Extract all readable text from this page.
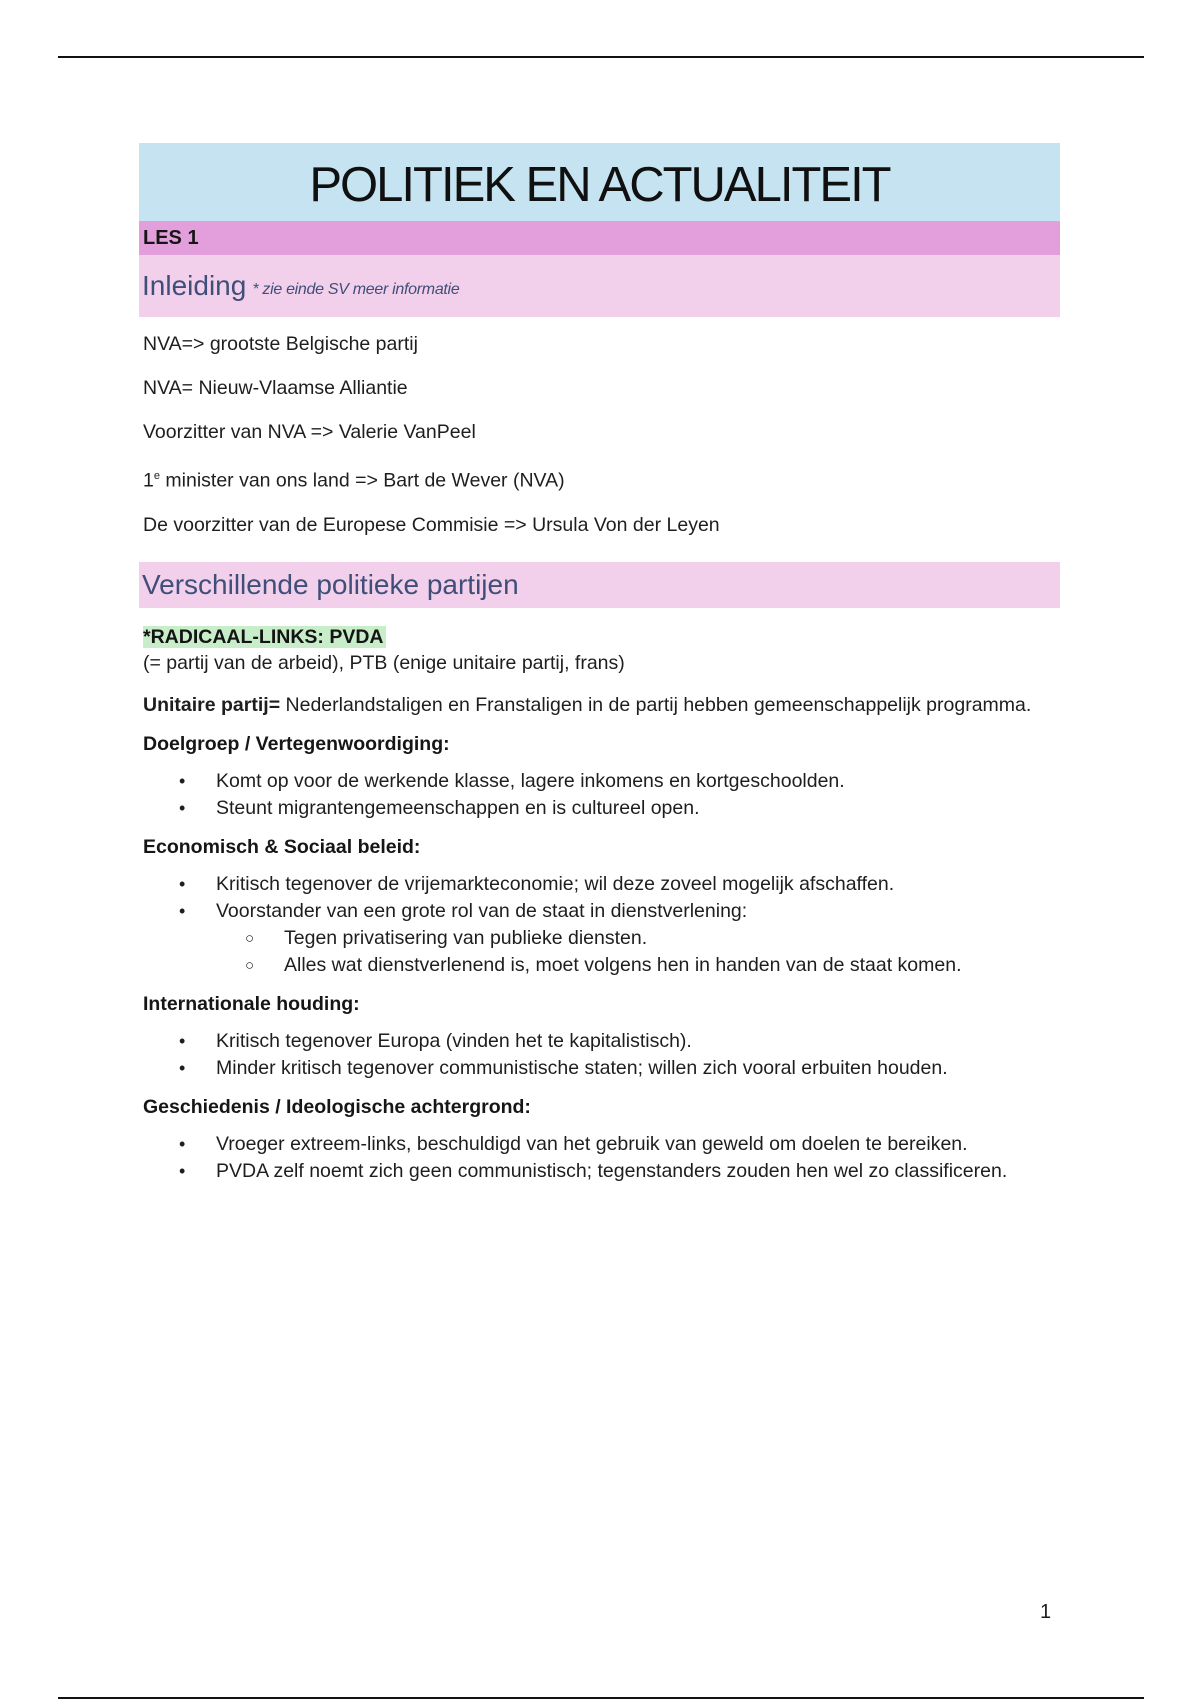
POLITIEK EN ACTUALITEIT
LES 1
Inleiding * zie einde SV meer informatie

NVA=> grootste Belgische partij

NVA= Nieuw-Vlaamse Alliantie

Voorzitter van NVA => Valerie VanPeel

1e minister van ons land => Bart de Wever (NVA)

De voorzitter van de Europese Commisie => Ursula Von der Leyen

Verschillende politieke partijen
*RADICAAL-LINKS: PVDA

(= partij van de arbeid), PTB (enige unitaire partij, frans)

Unitaire partij= Nederlandstaligen en Franstaligen in de partij hebben gemeenschappelijk programma.

Doelgroep / Vertegenwoordiging:
• Komt op voor de werkende klasse, lagere inkomens en kortgeschoolden.
• Steunt migrantengemeenschappen en is cultureel open.
Economisch & Sociaal beleid:
• Kritisch tegenover de vrijemarkteconomie; wil deze zoveel mogelijk afschaffen.
• Voorstander van een grote rol van de staat in dienstverlening:
○ Tegen privatisering van publieke diensten.
○ Alles wat dienstverlenend is, moet volgens hen in handen van de staat komen.
Internationale houding:
• Kritisch tegenover Europa (vinden het te kapitalistisch).
• Minder kritisch tegenover communistische staten; willen zich vooral erbuiten houden.
Geschiedenis / Ideologische achtergrond:
• Vroeger extreem-links, beschuldigd van het gebruik van geweld om doelen te bereiken.
• PVDA zelf noemt zich geen communistisch; tegenstanders zouden hen wel zo classificeren.
1
